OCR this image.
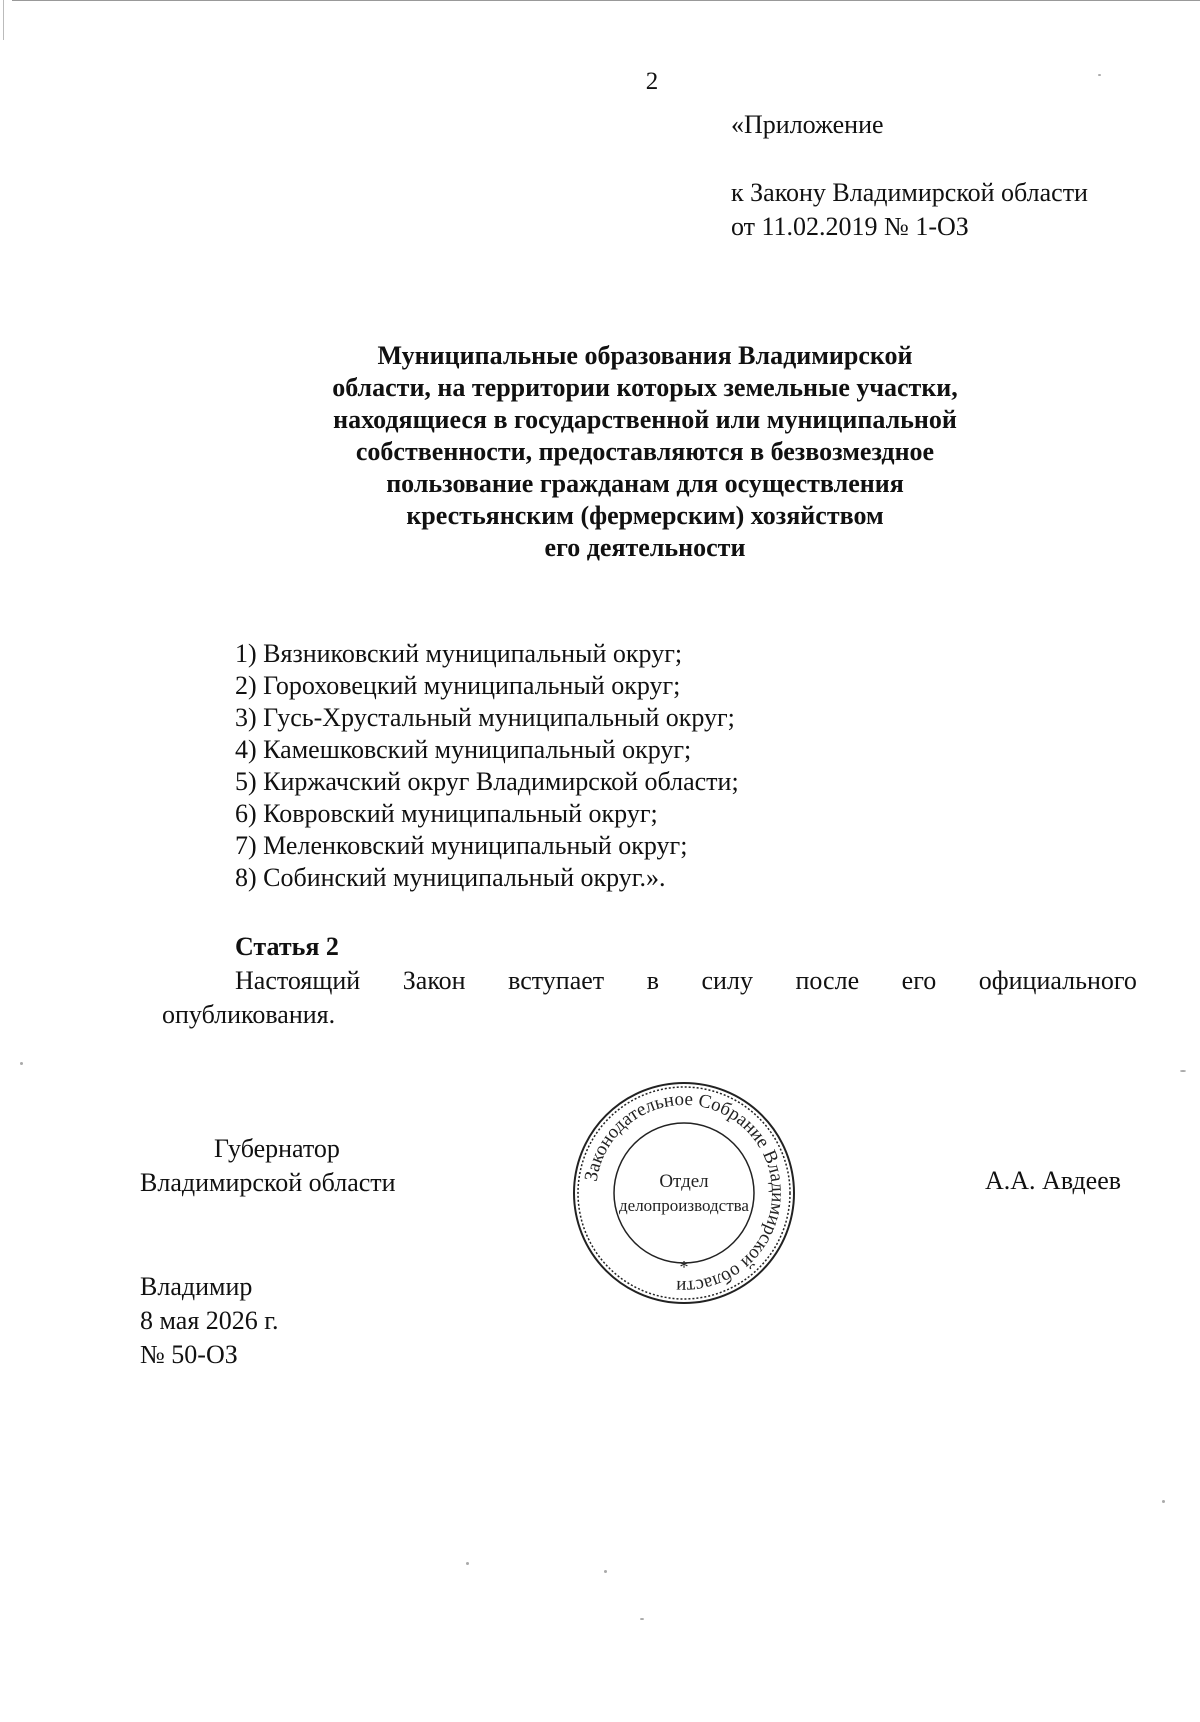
2
«Приложение
к Закону Владимирской области
от 11.02.2019 № 1-ОЗ
Муниципальные образования Владимирской
области, на территории которых земельные участки,
находящиеся в государственной или муниципальной
собственности, предоставляются в безвозмездное
пользование гражданам для осуществления
крестьянским (фермерским) хозяйством
его деятельности
1) Вязниковский муниципальный округ;
2) Гороховецкий муниципальный округ;
3) Гусь-Хрустальный муниципальный округ;
4) Камешковский муниципальный округ;
5) Киржачский округ Владимирской области;
6) Ковровский муниципальный округ;
7) Меленковский муниципальный округ;
8) Собинский муниципальный округ.».
Статья 2
Настоящий Закон вступает в силу после его официального
опубликования.
Губернатор
Владимирской области	Законодательное Собрание Владимирской области
*
Отдел
делопроизводства
А.А. Авдеев
Владимир
8 мая 2026 г.
№ 50-ОЗ
